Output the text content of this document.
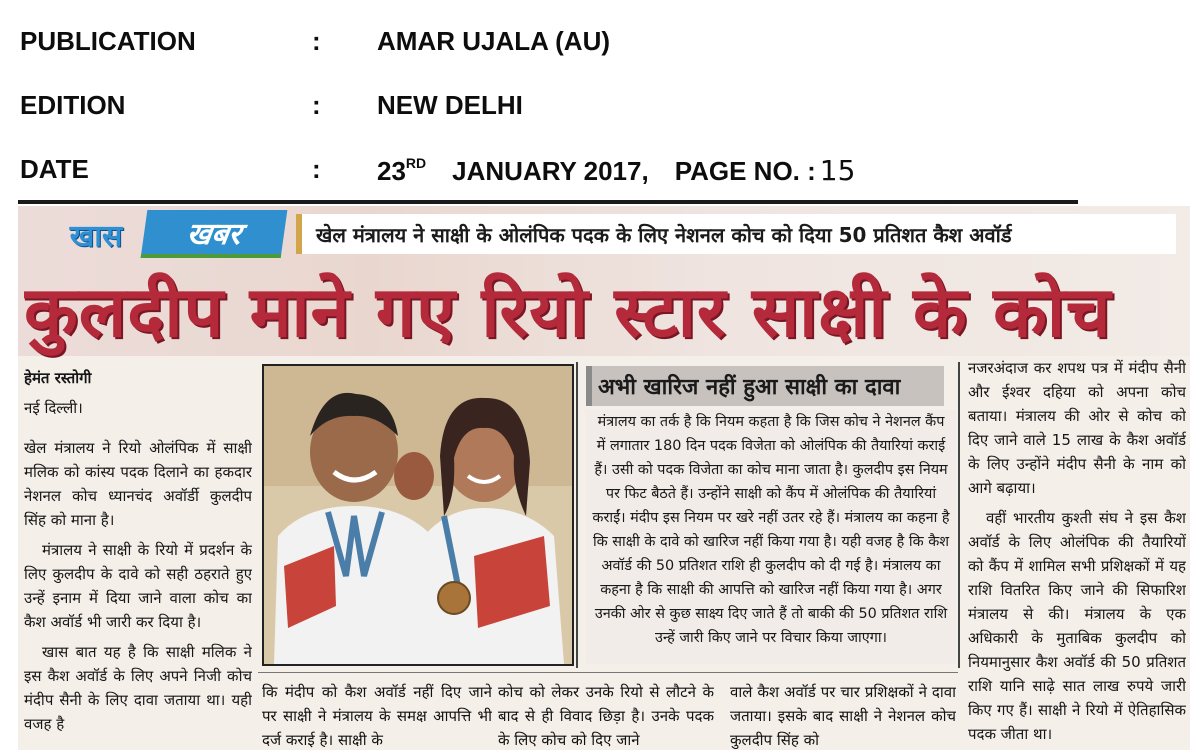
PUBLICATION	: AMAR UJALA (AU)
EDITION	: NEW DELHI
DATE	: 23RD JANUARY 2017, PAGE NO. : 15
खास	खबर	खेल मंत्रालय ने साक्षी के ओलंपिक पदक के लिए नेशनल कोच को दिया 50 प्रतिशत कैश अवॉर्ड
कुलदीप माने गए रियो स्टार साक्षी के कोच

हेमंत रस्तोगी

नई दिल्ली।

खेल मंत्रालय ने रियो ओलंपिक में साक्षी मलिक को कांस्य पदक दिलाने का हकदार नेशनल कोच ध्यानचंद अवॉर्डी कुलदीप सिंह को माना है।

मंत्रालय ने साक्षी के रियो में प्रदर्शन के लिए कुलदीप के दावे को सही ठहराते हुए उन्हें इनाम में दिया जाने वाला कोच का कैश अवॉर्ड भी जारी कर दिया है।

खास बात यह है कि साक्षी मलिक ने इस कैश अवॉर्ड के लिए अपने निजी कोच मंदीप सैनी के लिए दावा जताया था। यही वजह है

अभी खारिज नहीं हुआ साक्षी का दावा
मंत्रालय का तर्क है कि नियम कहता है कि जिस कोच ने नेशनल कैंप में लगातार 180 दिन पदक विजेता को ओलंपिक की तैयारियां कराई हैं। उसी को पदक विजेता का कोच माना जाता है। कुलदीप इस नियम पर फिट बैठते हैं। उन्होंने साक्षी को कैंप में ओलंपिक की तैयारियां कराईं। मंदीप इस नियम पर खरे नहीं उतर रहे हैं। मंत्रालय का कहना है कि साक्षी के दावे को खारिज नहीं किया गया है। यही वजह है कि कैश अवॉर्ड की 50 प्रतिशत राशि ही कुलदीप को दी गई है। मंत्रालय का कहना है कि साक्षी की आपत्ति को खारिज नहीं किया गया है। अगर उनकी ओर से कुछ साक्ष्य दिए जाते हैं तो बाकी की 50 प्रतिशत राशि उन्हें जारी किए जाने पर विचार किया जाएगा।
कि मंदीप को कैश अवॉर्ड नहीं दिए जाने पर साक्षी ने मंत्रालय के समक्ष आपत्ति भी दर्ज कराई है। साक्षी के
कोच को लेकर उनके रियो से लौटने के बाद से ही विवाद छिड़ा है। उनके पदक के लिए कोच को दिए जाने
वाले कैश अवॉर्ड पर चार प्रशिक्षकों ने दावा जताया। इसके बाद साक्षी ने नेशनल कोच कुलदीप सिंह को

नजरअंदाज कर शपथ पत्र में मंदीप सैनी और ईश्वर दहिया को अपना कोच बताया। मंत्रालय की ओर से कोच को दिए जाने वाले 15 लाख के कैश अवॉर्ड के लिए उन्होंने मंदीप सैनी के नाम को आगे बढ़ाया।

वहीं भारतीय कुश्ती संघ ने इस कैश अवॉर्ड के लिए ओलंपिक की तैयारियों को कैंप में शामिल सभी प्रशिक्षकों में यह राशि वितरित किए जाने की सिफारिश मंत्रालय से की। मंत्रालय के एक अधिकारी के मुताबिक कुलदीप को नियमानुसार कैश अवॉर्ड की 50 प्रतिशत राशि यानि साढ़े सात लाख रुपये जारी किए गए हैं। साक्षी ने रियो में ऐतिहासिक पदक जीता था।
